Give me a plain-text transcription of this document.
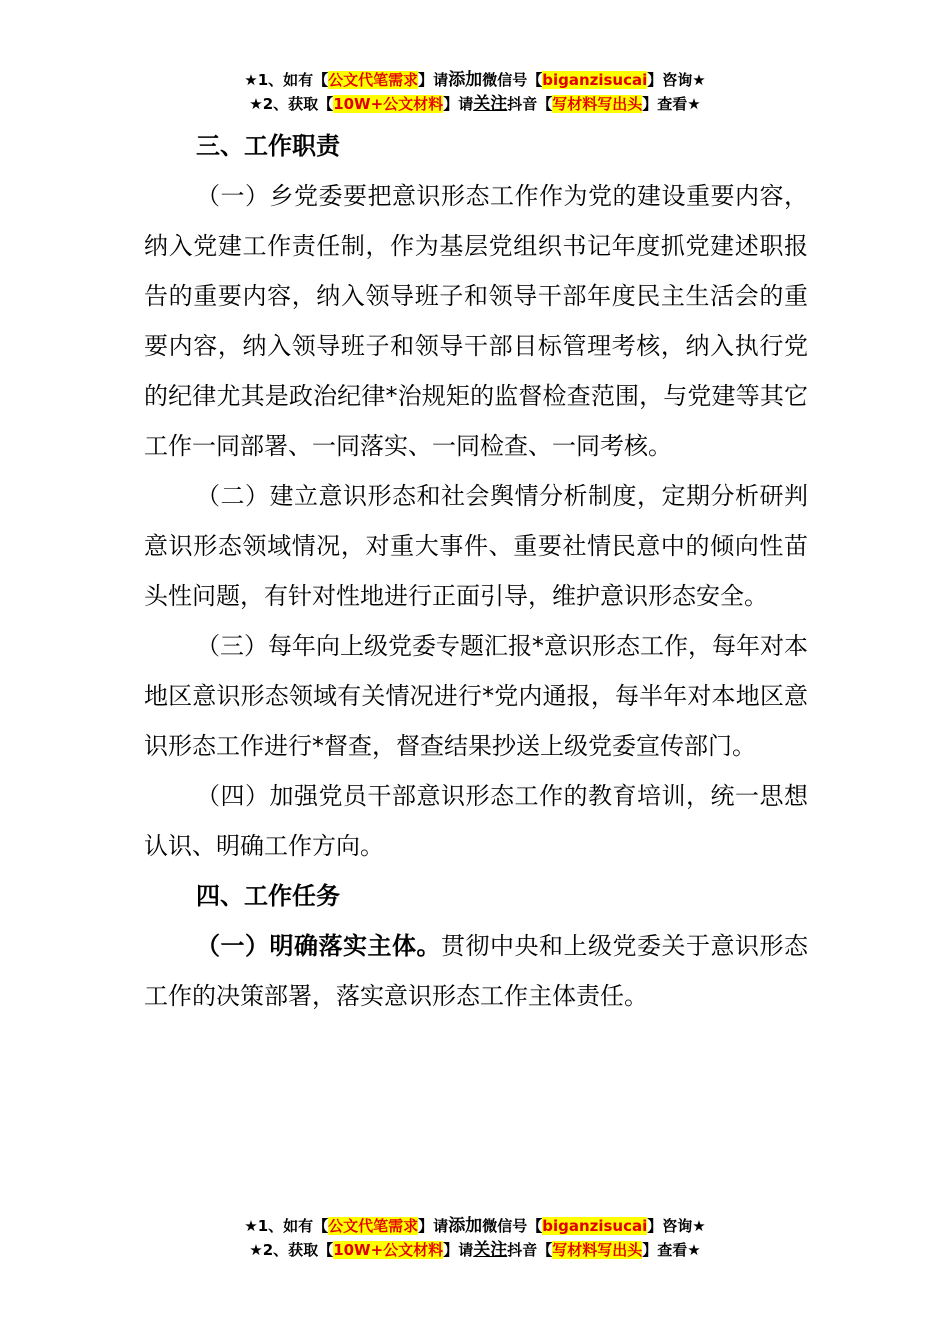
★1、如有【公文代笔需求】请添加微信号【biganzisucai】咨询★
★2、获取【10W+公文材料】请关注抖音【写材料写出头】查看★
三、工作职责
（一）乡党委要把意识形态工作作为党的建设重要内容，纳入党建工作责任制，作为基层党组织书记年度抓党建述职报告的重要内容，纳入领导班子和领导干部年度民主生活会的重要内容，纳入领导班子和领导干部目标管理考核，纳入执行党的纪律尤其是政治纪律*治规矩的监督检查范围，与党建等其它工作一同部署、一同落实、一同检查、一同考核。
（二）建立意识形态和社会舆情分析制度，定期分析研判意识形态领域情况，对重大事件、重要社情民意中的倾向性苗头性问题，有针对性地进行正面引导，维护意识形态安全。
（三）每年向上级党委专题汇报*意识形态工作，每年对本地区意识形态领域有关情况进行*党内通报，每半年对本地区意识形态工作进行*督查，督查结果抄送上级党委宣传部门。
（四）加强党员干部意识形态工作的教育培训，统一思想认识、明确工作方向。
四、工作任务
（一）明确落实主体。贯彻中央和上级党委关于意识形态工作的决策部署，落实意识形态工作主体责任。
★1、如有【公文代笔需求】请添加微信号【biganzisucai】咨询★
★2、获取【10W+公文材料】请关注抖音【写材料写出头】查看★
